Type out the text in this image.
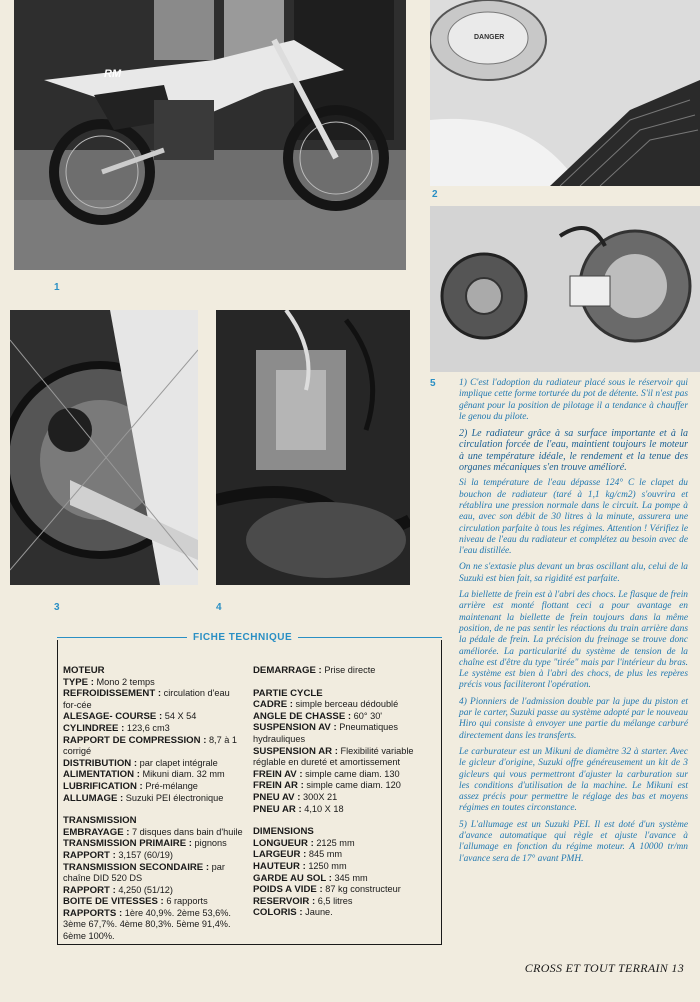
RM
1
DANGER
2
5
3	4
FICHE TECHNIQUE
MOTEUR
TYPE : Mono 2 temps
REFROIDISSEMENT : circulation d'eau for-cée
ALESAGE- COURSE : 54 X 54
CYLINDREE : 123,6 cm3
RAPPORT DE COMPRESSION : 8,7 à 1 corrigé
DISTRIBUTION : par clapet intégrale
ALIMENTATION : Mikuni diam. 32 mm
LUBRIFICATION : Pré-mélange
ALLUMAGE : Suzuki PEI électronique
TRANSMISSION
EMBRAYAGE : 7 disques dans bain d'huile
TRANSMISSION PRIMAIRE : pignons
RAPPORT : 3,157 (60/19)
TRANSMISSION SECONDAIRE : par chaîne DID 520 DS
RAPPORT : 4,250 (51/12)
BOITE DE VITESSES : 6 rapports
RAPPORTS : 1ère 40,9%. 2ème 53,6%. 3ème 67,7%. 4ème 80,3%. 5ème 91,4%. 6ème 100%.
DEMARRAGE : Prise directe
PARTIE CYCLE
CADRE : simple berceau dédoublé
ANGLE DE CHASSE : 60° 30'
SUSPENSION AV : Pneumatiques hydrauliques
SUSPENSION AR : Flexibilité variable réglable en dureté et amortissement
FREIN AV : simple came diam. 130
FREIN AR : simple came diam. 120
PNEU AV : 300X 21
PNEU AR : 4,10 X 18
DIMENSIONS
LONGUEUR : 2125 mm
LARGEUR : 845 mm
HAUTEUR : 1250 mm
GARDE AU SOL : 345 mm
POIDS A VIDE : 87 kg constructeur
RESERVOIR : 6,5 litres
COLORIS : Jaune.

1) C'est l'adoption du radiateur placé sous le réservoir qui implique cette forme torturée du pot de détente. S'il n'est pas gênant pour la position de pilotage il a tendance à chauffer le genou du pilote.

2) Le radiateur grâce à sa surface importante et à la circulation forcée de l'eau, maintient toujours le moteur à une température idéale, le rendement et la tenue des organes mécaniques s'en trouve amélioré.

Si la température de l'eau dépasse 124° C le clapet du bouchon de radiateur (taré à 1,1 kg/cm2) s'ouvrira et rétablira une pression normale dans le circuit. La pompe à eau, avec son débit de 30 litres à la minute, assurera une circulation parfaite à tous les régimes. Attention ! Vérifiez le niveau de l'eau du radiateur et complétez au besoin avec de l'eau distillée.

On ne s'extasie plus devant un bras oscillant alu, celui de la Suzuki est bien fait, sa rigidité est parfaite.

La biellette de frein est à l'abri des chocs. Le flasque de frein arrière est monté flottant ceci a pour avantage en maintenant la biellette de frein toujours dans la même position, de ne pas sentir les réactions du train arrière dans la pédale de frein. La précision du freinage se trouve donc améliorée. La particularité du système de tension de la chaîne est d'être du type "tirée" mais par l'intérieur du bras. Le système est bien à l'abri des chocs, de plus les repères précis vous faciliteront l'opération.

4) Pionniers de l'admission double par la jupe du piston et par le carter, Suzuki passe au système adopté par le nouveau Hiro qui consiste à envoyer une partie du mélange carburé directement dans les transferts.

Le carburateur est un Mikuni de diamètre 32 à starter. Avec le gicleur d'origine, Suzuki offre généreusement un kit de 3 gicleurs qui vous permettront d'ajuster la carburation sur les conditions d'utilisation de la machine. Le Mikuni est assez précis pour permettre le réglage des bas et moyens régimes en toutes circonstance.

5) L'allumage est un Suzuki PEI. Il est doté d'un système d'avance automatique qui règle et ajuste l'avance à l'allumage en fonction du régime moteur. A 10000 tr/mn l'avance sera de 17° avant PMH.

CROSS ET TOUT TERRAIN 13
